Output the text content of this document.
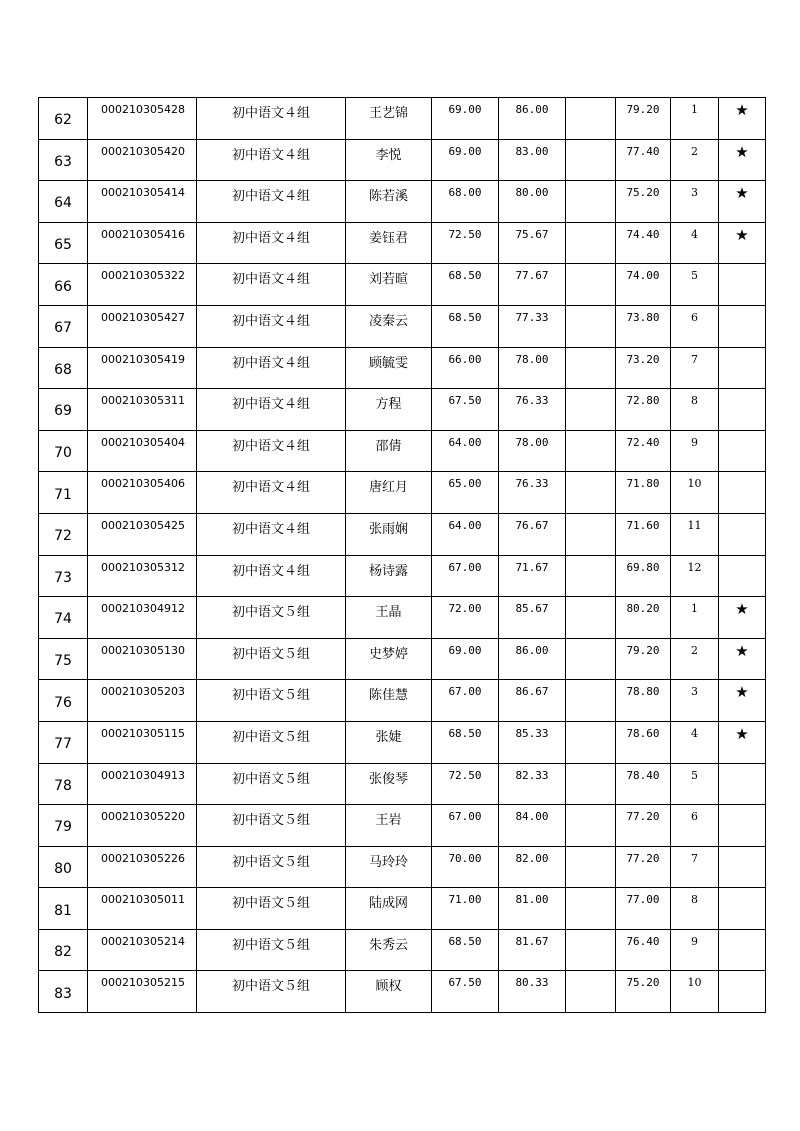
62	000210305428	初中语文４组	王艺锦	69.00	86.00		79.20	1	★
63	000210305420	初中语文４组	李悦	69.00	83.00		77.40	2	★
64	000210305414	初中语文４组	陈若溪	68.00	80.00		75.20	3	★
65	000210305416	初中语文４组	姜钰君	72.50	75.67		74.40	4	★
66	000210305322	初中语文４组	刘若暄	68.50	77.67		74.00	5	
67	000210305427	初中语文４组	凌秦云	68.50	77.33		73.80	6	
68	000210305419	初中语文４组	顾毓雯	66.00	78.00		73.20	7	
69	000210305311	初中语文４组	方程	67.50	76.33		72.80	8	
70	000210305404	初中语文４组	邵倩	64.00	78.00		72.40	9	
71	000210305406	初中语文４组	唐红月	65.00	76.33		71.80	10	
72	000210305425	初中语文４组	张雨娴	64.00	76.67		71.60	11	
73	000210305312	初中语文４组	杨诗露	67.00	71.67		69.80	12	
74	000210304912	初中语文５组	王晶	72.00	85.67		80.20	1	★
75	000210305130	初中语文５组	史梦婷	69.00	86.00		79.20	2	★
76	000210305203	初中语文５组	陈佳慧	67.00	86.67		78.80	3	★
77	000210305115	初中语文５组	张婕	68.50	85.33		78.60	4	★
78	000210304913	初中语文５组	张俊琴	72.50	82.33		78.40	5	
79	000210305220	初中语文５组	王岩	67.00	84.00		77.20	6	
80	000210305226	初中语文５组	马玲玲	70.00	82.00		77.20	7	
81	000210305011	初中语文５组	陆成网	71.00	81.00		77.00	8	
82	000210305214	初中语文５组	朱秀云	68.50	81.67		76.40	9	
83	000210305215	初中语文５组	顾权	67.50	80.33		75.20	10	
